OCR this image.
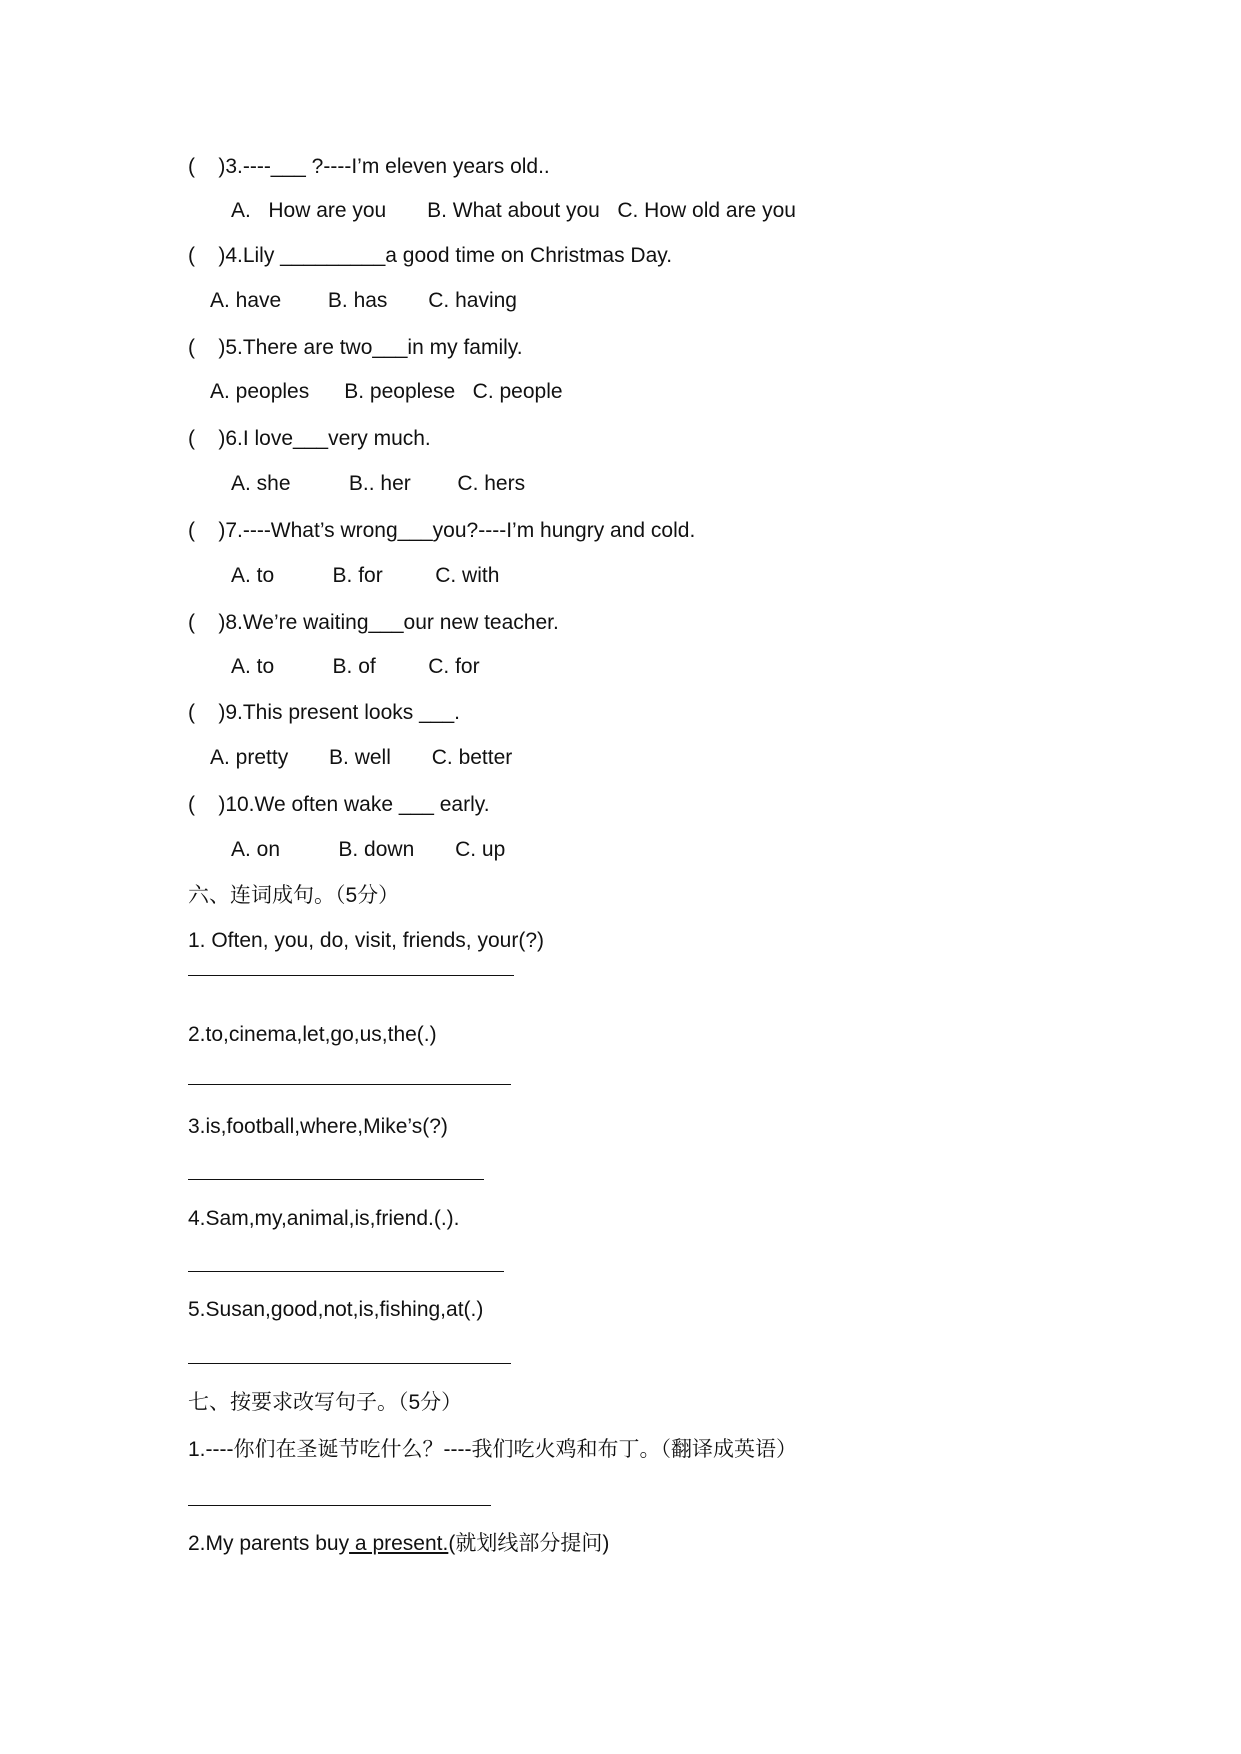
(    )3.----___ ?----I’m eleven years old..
A.   How are you       B. What about you   C. How old are you
(    )4.Lily _________a good time on Christmas Day.
A. have        B. has       C. having
(    )5.There are two___in my family.
A. peoples      B. peoplese   C. people
(    )6.I love___very much.
A. she          B.. her        C. hers
(    )7.----What’s wrong___you?----I’m hungry and cold.
A. to          B. for         C. with
(    )8.We’re waiting___our new teacher.
A. to          B. of         C. for
(    )9.This present looks ___.
A. pretty       B. well       C. better
(    )10.We often wake ___ early.
A. on          B. down       C. up
六、连词成句。（5分）
1. Often, you, do, visit, friends, your(?)
2.to,cinema,let,go,us,the(.)
3.is,football,where,Mike’s(?)
4.Sam,my,animal,is,friend.(.).
5.Susan,good,not,is,fishing,at(.)
七、按要求改写句子。（5分）
1.----你们在圣诞节吃什么？----我们吃火鸡和布丁。（翻译成英语）
2.My parents buy a present.(就划线部分提问)
